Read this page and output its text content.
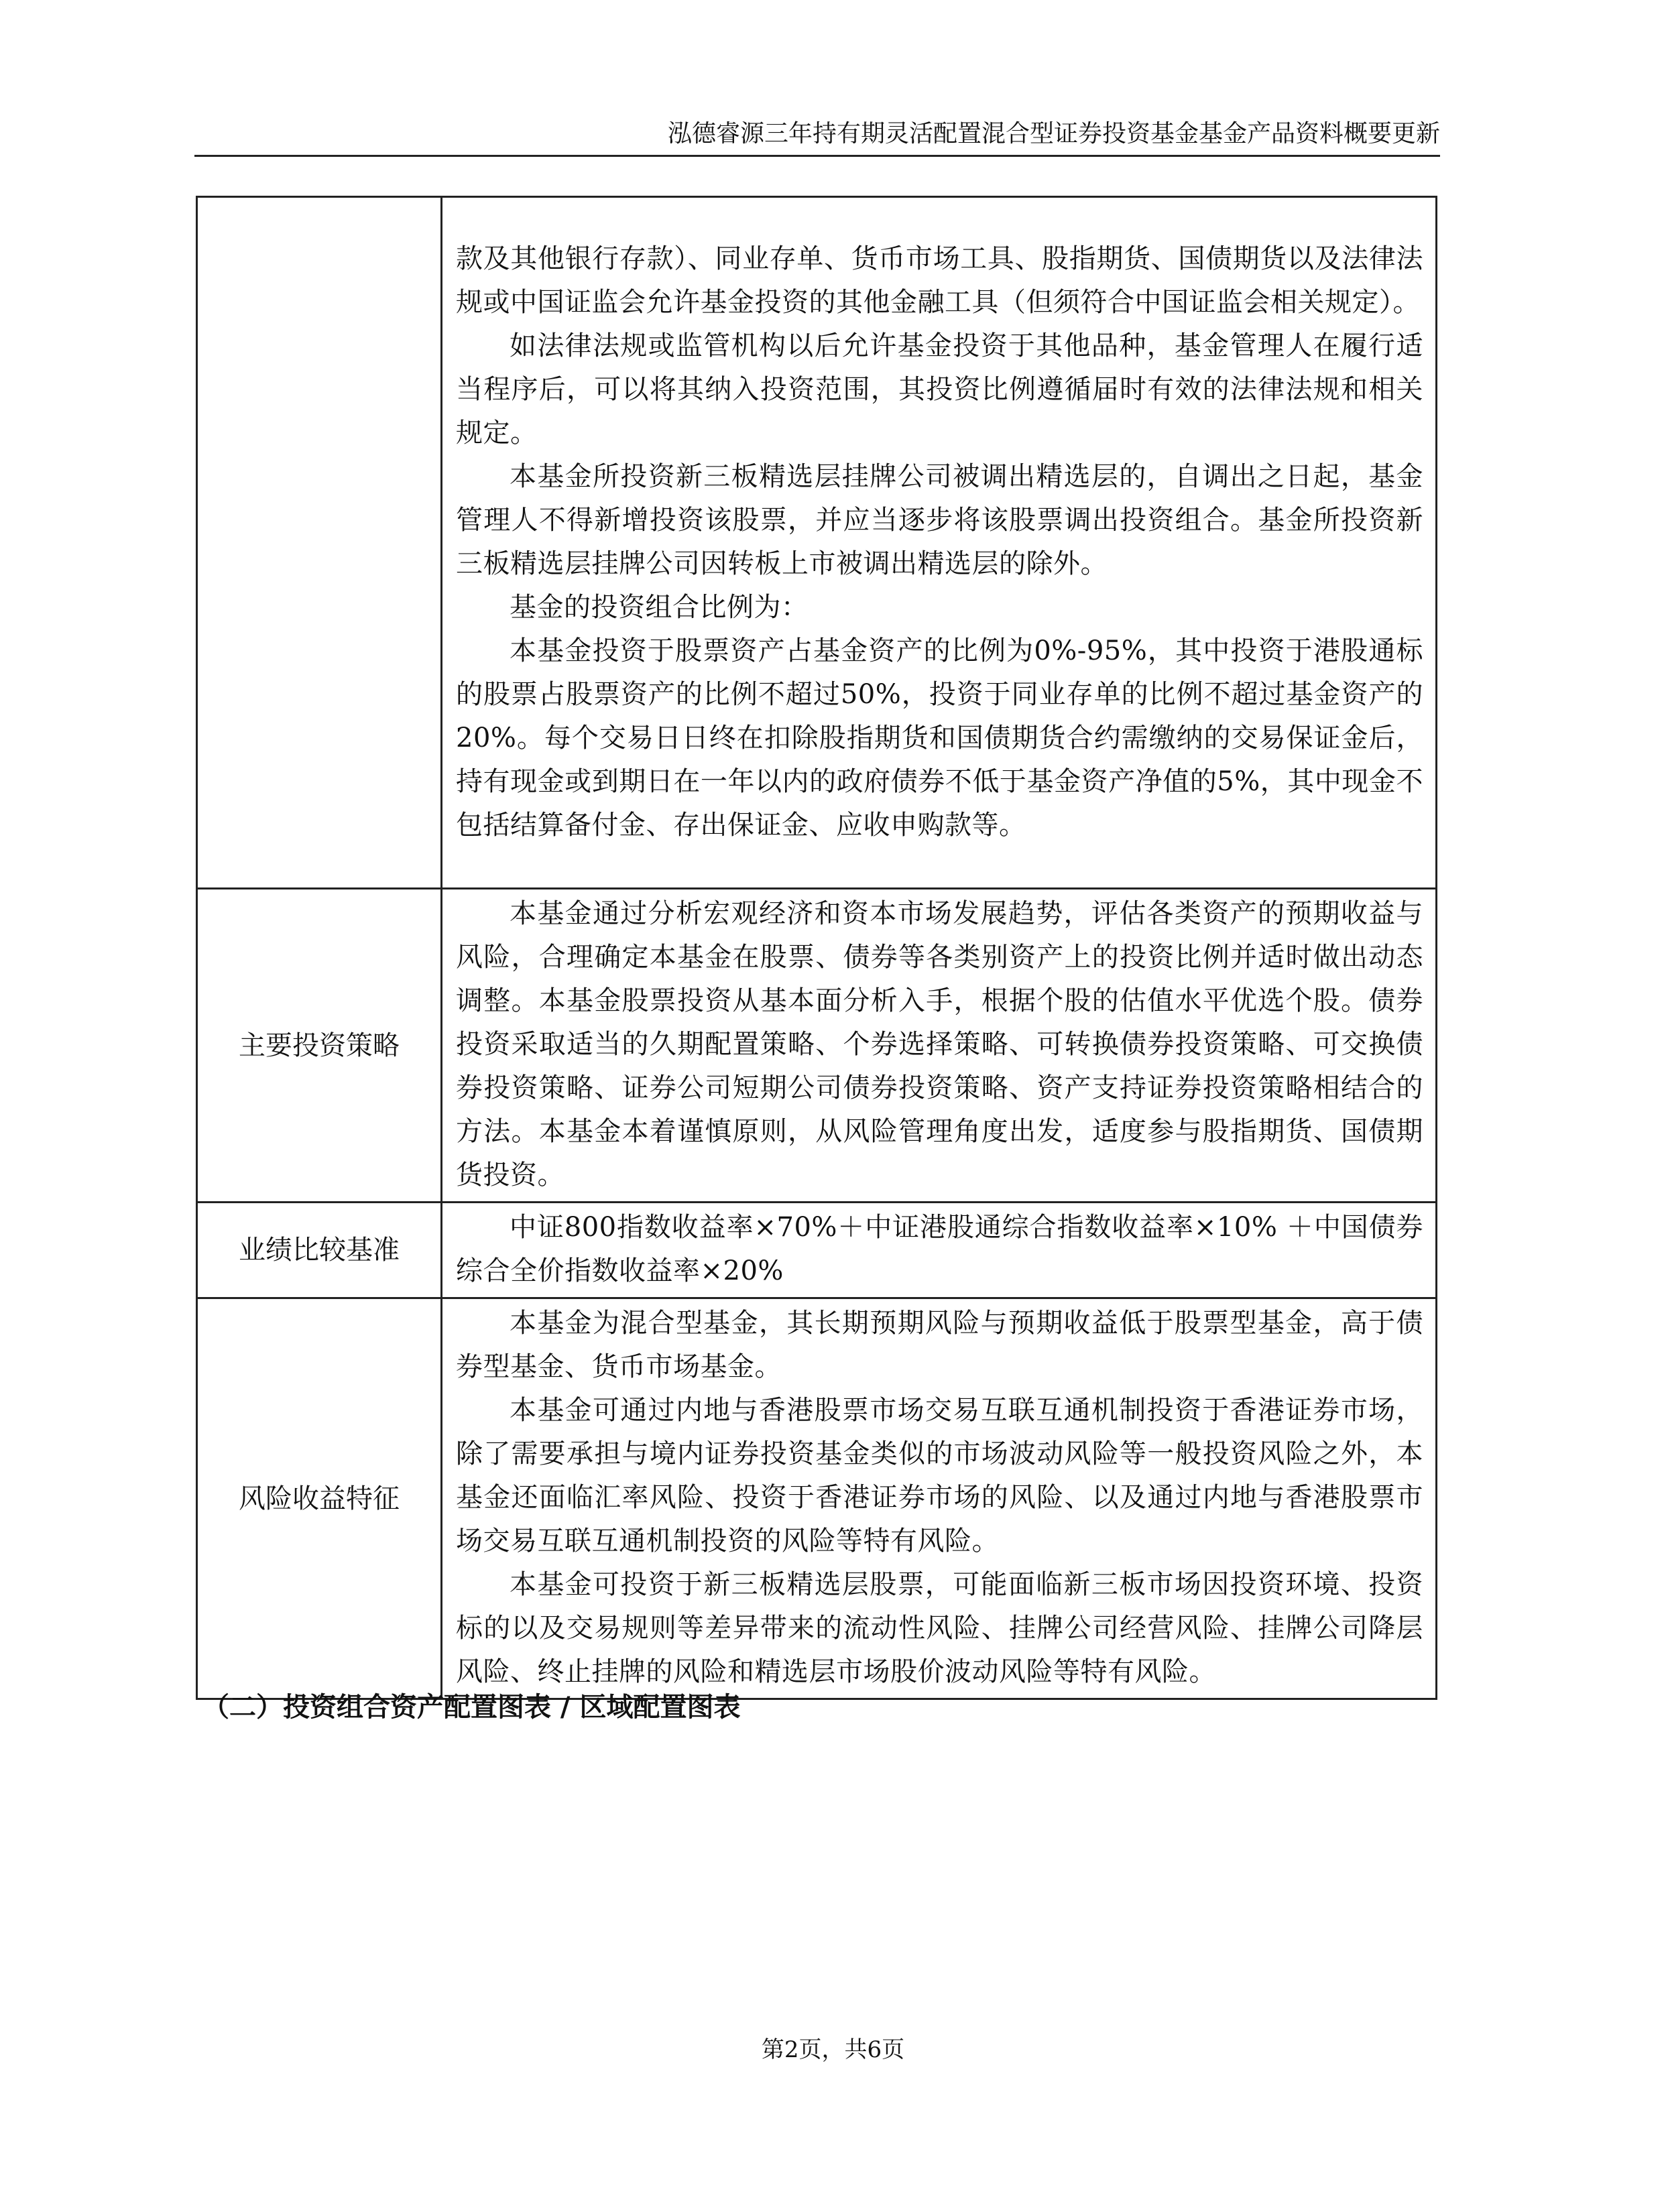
泓德睿源三年持有期灵活配置混合型证券投资基金基金产品资料概要更新

	款及其他银行存款）、同业存单、货币市场工具、股指期货、国债期货以及法律法规或中国证监会允许基金投资的其他金融工具（但须符合中国证监会相关规定）。

如法律法规或监管机构以后允许基金投资于其他品种，基金管理人在履行适当程序后，可以将其纳入投资范围，其投资比例遵循届时有效的法律法规和相关规定。

本基金所投资新三板精选层挂牌公司被调出精选层的，自调出之日起，基金管理人不得新增投资该股票，并应当逐步将该股票调出投资组合。基金所投资新三板精选层挂牌公司因转板上市被调出精选层的除外。

基金的投资组合比例为：

本基金投资于股票资产占基金资产的比例为0%-95%，其中投资于港股通标的股票占股票资产的比例不超过50%，投资于同业存单的比例不超过基金资产的20%。每个交易日日终在扣除股指期货和国债期货合约需缴纳的交易保证金后，持有现金或到期日在一年以内的政府债券不低于基金资产净值的5%，其中现金不包括结算备付金、存出保证金、应收申购款等。

主要投资策略	本基金通过分析宏观经济和资本市场发展趋势，评估各类资产的预期收益与风险，合理确定本基金在股票、债券等各类别资产上的投资比例并适时做出动态调整。本基金股票投资从基本面分析入手，根据个股的估值水平优选个股。债券投资采取适当的久期配置策略、个券选择策略、可转换债券投资策略、可交换债券投资策略、证券公司短期公司债券投资策略、资产支持证券投资策略相结合的方法。本基金本着谨慎原则，从风险管理角度出发，适度参与股指期货、国债期货投资。

业绩比较基准	中证800指数收益率×70%＋中证港股通综合指数收益率×10% ＋中国债券综合全价指数收益率×20%

风险收益特征	本基金为混合型基金，其长期预期风险与预期收益低于股票型基金，高于债券型基金、货币市场基金。

本基金可通过内地与香港股票市场交易互联互通机制投资于香港证券市场，除了需要承担与境内证券投资基金类似的市场波动风险等一般投资风险之外，本基金还面临汇率风险、投资于香港证券市场的风险、以及通过内地与香港股票市场交易互联互通机制投资的风险等特有风险。

本基金可投资于新三板精选层股票，可能面临新三板市场因投资环境、投资标的以及交易规则等差异带来的流动性风险、挂牌公司经营风险、挂牌公司降层风险、终止挂牌的风险和精选层市场股价波动风险等特有风险。

（二）投资组合资产配置图表 / 区域配置图表
第2页，共6页
